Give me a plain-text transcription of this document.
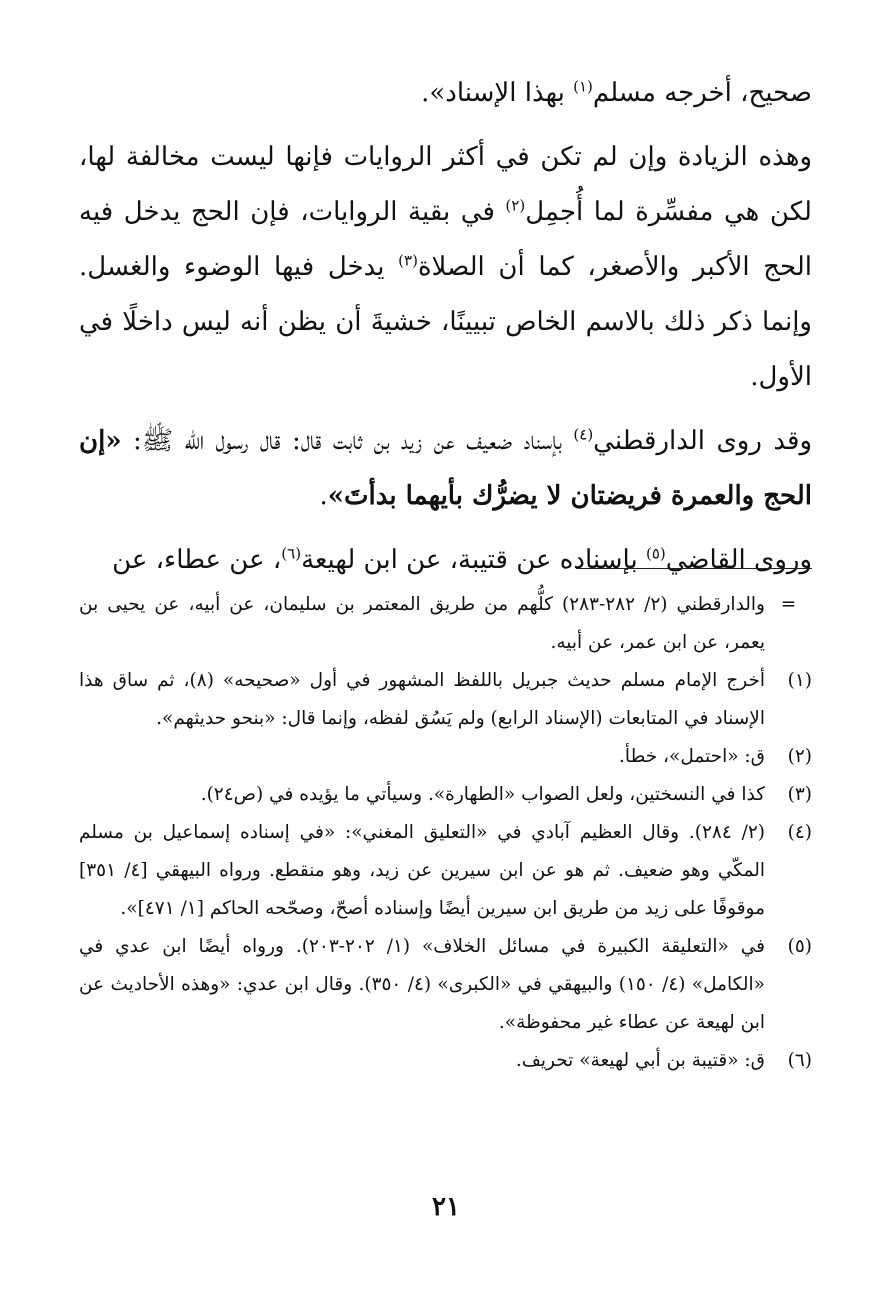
صحيح، أخرجه مسلم$^{(١)}$ بهذا الإسناد».

وهذه الزيادة وإن لم تكن في أكثر الروايات فإنها ليست مخالفة لها، لكن هي مفسِّرة لما أُجمِل$^{(٢)}$ في بقية الروايات، فإن الحج يدخل فيه الحج الأكبر والأصغر، كما أن الصلاة$^{(٣)}$ يدخل فيها الوضوء والغسل. وإنما ذكر ذلك بالاسم الخاص تبيينًا، خشيةَ أن يظن أنه ليس داخلًا في الأول.

وقد روى الدارقطني$^{(٤)}$ بإسناد ضعيف عن زيد بن ثابت قال: قال رسول الله ﷺ: «إن الحج والعمرة فريضتان لا يضرُّك بأيهما بدأتَ».

وروى القاضي$^{(٥)}$ بإسناده عن قتيبة، عن ابن لهيعة$^{(٦)}$، عن عطاء، عن

=
والدارقطني (٢/ ٢٨٢-٢٨٣) كلُّهم من طريق المعتمر بن سليمان، عن أبيه، عن يحيى بن يعمر، عن ابن عمر، عن أبيه.
(١)
أخرج الإمام مسلم حديث جبريل باللفظ المشهور في أول «صحيحه» (٨)، ثم ساق هذا الإسناد في المتابعات (الإسناد الرابع) ولم يَسُق لفظه، وإنما قال: «بنحو حديثهم».
(٢)
ق: «احتمل»، خطأ.
(٣)
كذا في النسختين، ولعل الصواب «الطهارة». وسيأتي ما يؤيده في (ص٢٤).
(٤)
(٢/ ٢٨٤). وقال العظيم آبادي في «التعليق المغني»: «في إسناده إسماعيل بن مسلم المكّي وهو ضعيف. ثم هو عن ابن سيرين عن زيد، وهو منقطع. ورواه البيهقي [٤/ ٣٥١] موقوفًا على زيد من طريق ابن سيرين أيضًا وإسناده أصحّ، وصحّحه الحاكم [١/ ٤٧١]».
(٥)
في «التعليقة الكبيرة في مسائل الخلاف» (١/ ٢٠٢-٢٠٣). ورواه أيضًا ابن عدي في «الكامل» (٤/ ١٥٠) والبيهقي في «الكبرى» (٤/ ٣٥٠). وقال ابن عدي: «وهذه الأحاديث عن ابن لهيعة عن عطاء غير محفوظة».
(٦)
ق: «قتيبة بن أبي لهيعة» تحريف.
٢١
